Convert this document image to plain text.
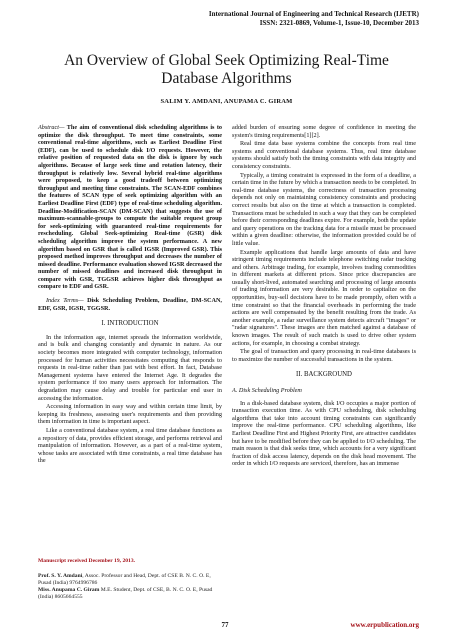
International Journal of Engineering and Technical Research (IJETR)
ISSN: 2321-0869, Volume-1, Issue-10, December 2013
An Overview of Global Seek Optimizing Real-Time
Database Algorithms
SALIM Y. AMDANI, ANUPAMA C. GIRAM

Abstract— The aim of conventional disk scheduling algorithms is to optimize the disk throughput. To meet time constraints, some conventional real-time algorithms, such as Earliest Deadline First (EDF), can be used to schedule disk I/O requests. However, the relative position of requested data on the disk is ignore by such algorithms. Because of large seek time and rotation latency, their throughput is relatively low. Several hybrid real-time algorithms were proposed, to keep a good tradeoff between optimizing throughput and meeting time constraints. The SCAN-EDF combines the features of SCAN type of seek optimizing algorithm with an Earliest Deadline First (EDF) type of real-time scheduling algorithm. Deadline-Modification-SCAN (DM-SCAN) that suggests the use of maximum-scannable-groups to compute the suitable request group for seek-optimizing with guaranteed real-time requirements for rescheduling. Global Seek-optimizing Real-time (GSR) disk scheduling algorithm improve the system performance. A new algorithm based on GSR that is called IGSR (Improved GSR). This proposed method improves throughput and decreases the number of missed deadline. Performance evaluation showed IGSR decreased the number of missed deadlines and increased disk throughput in compare with GSR, TGGSR achieves higher disk throughput as compare to EDF and GSR.

Index Terms— Disk Scheduling Problem, Deadline, DM-SCAN, EDF, GSR, IGSR, TGGSR.

I. INTRODUCTION

In the information age, internet spreads the information worldwide, and is bulk and changing constantly and dynamic in nature. As our society becomes more integrated with computer technology, information processed for human activities necessitates computing that responds to requests in real-time rather than just with best effort. In fact, Database Management systems have entered the Internet Age. It degrades the system performance if too many users approach for information. The degradation may cause delay and trouble for particular end user in accessing the information.

Accessing information in easy way and within certain time limit, by keeping its freshness, assessing user's requirements and then providing them information in time is important aspect.

Like a conventional database system, a real time database functions as a repository of data, provides efficient storage, and performs retrieval and manipulation of information. However, as a part of a real-time system, whose tasks are associated with time constraints, a real time database has the

added burden of ensuring some degree of confidence in meeting the system's timing requirements[1][2].

Real time data base systems combine the concepts from real time systems and conventional database systems. Thus, real time database systems should satisfy both the timing constraints with data integrity and consistency constraints.

Typically, a timing constraint is expressed in the form of a deadline, a certain time in the future by which a transaction needs to be completed. In real-time database systems, the correctness of transaction processing depends not only on maintaining consistency constraints and producing correct results but also on the time at which a transaction is completed. Transactions must be scheduled in such a way that they can be completed before their corresponding deadlines expire. For example, both the update and query operations on the tracking data for a missile must be processed within a given deadline: otherwise, the information provided could be of little value.

Example applications that handle large amounts of data and have stringent timing requirements include telephone switching radar tracking and others. Arbitrage trading, for example, involves trading commodities in different markets at different prices. Since price discrepancies are usually short-lived, automated searching and processing of large amounts of trading information are very desirable. In order to capitalize on the opportunities, buy-sell decisions have to be made promptly, often with a time constraint so that the financial overheads in performing the trade actions are well compensated by the benefit resulting from the trade. As another example, a radar surveillance system detects aircraft "images" or "radar signatures". These images are then matched against a database of known images. The result of such match is used to drive other system actions, for example, in choosing a combat strategy.

The goal of transaction and query processing in real-time databases is to maximize the number of successful transactions in the system.

II. BACKGROUND

A. Disk Scheduling Problem

In a disk-based database system, disk I/O occupies a major portion of transaction execution time. As with CPU scheduling, disk scheduling algorithms that take into account timing constraints can significantly improve the real-time performance. CPU scheduling algorithms, like Earliest Deadline First and Highest Priority First, are attractive candidates but have to be modified before they can be applied to I/O scheduling. The main reason is that disk seeks time, which accounts for a very significant fraction of disk access latency, depends on the disk head movement. The order in which I/O requests are serviced, therefore, has an immense

Manuscript received December 19, 2013.
Prof. S. Y. Amdani, Assoc. Professor and Head, Dept. of CSE B. N. C. O. E, Pusad (India) 9764996786
Miss. Anupama C. Giram M.E. Student, Dept. of CSE, B. N. C. O. E, Pusad (India) 8605664555
77	www.erpublication.org
